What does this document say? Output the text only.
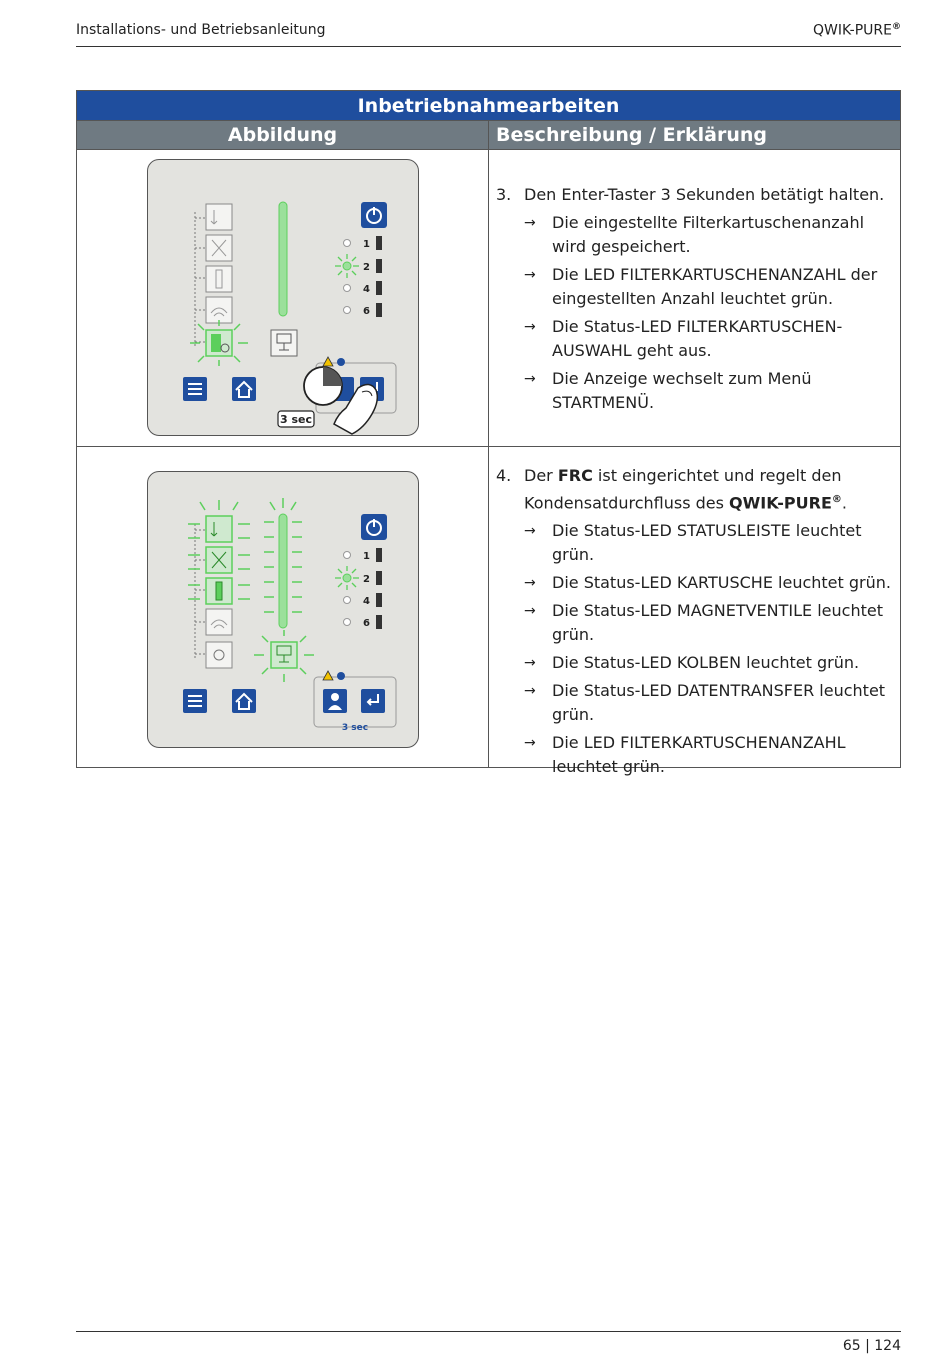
Installations- und Betriebsanleitung	QWIK-PURE®
Inbetriebnahmearbeiten
Abbildung	Beschreibung / Erklärung
1
2
4
6
3 sec
3. Den Enter-Taster 3 Sekunden betätigt halten.
→	Die eingestellte Filterkartuschenanzahl wird gespeichert.
→	Die LED FILTERKARTUSCHENANZAHL der eingestellten Anzahl leuchtet grün.
→	Die Status-LED FILTERKARTUSCHEN-AUSWAHL geht aus.
→	Die Anzeige wechselt zum Menü STARTMENÜ.
1
2
4
6
3 sec
4. Der FRC ist eingerichtet und regelt den Kondensatdurchfluss des QWIK-PURE®.
→	Die Status-LED STATUSLEISTE leuchtet grün.
→	Die Status-LED KARTUSCHE leuchtet grün.
→	Die Status-LED MAGNETVENTILE leuchtet grün.
→	Die Status-LED KOLBEN leuchtet grün.
→	Die Status-LED DATENTRANSFER leuchtet grün.
→	Die LED FILTERKARTUSCHENANZAHL leuchtet grün.
65 | 124
